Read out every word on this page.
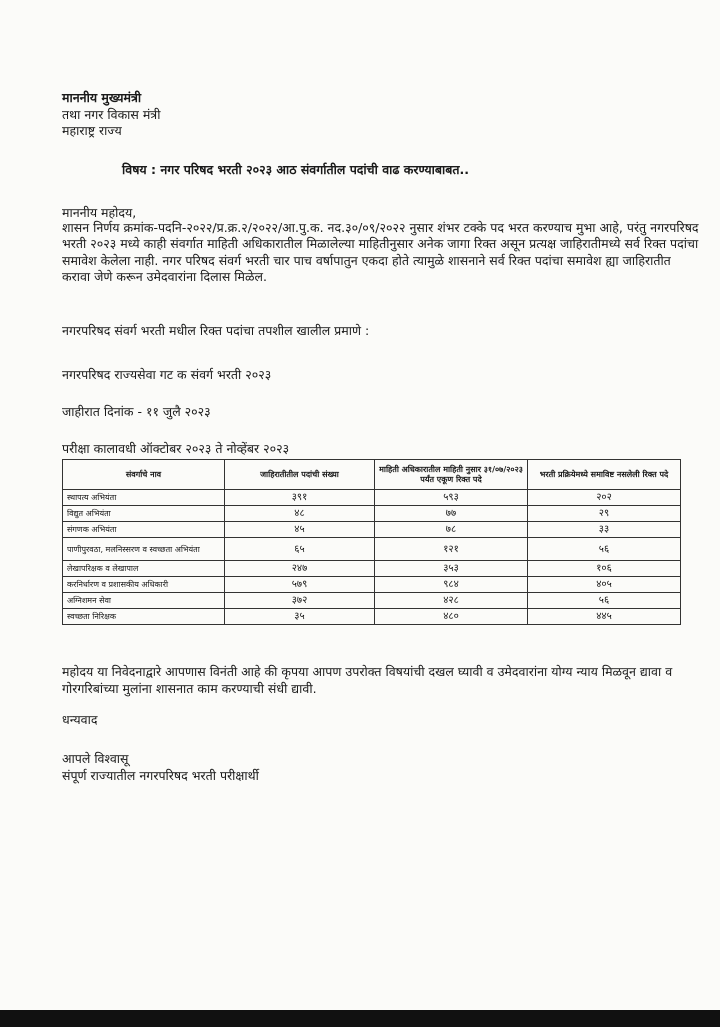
माननीय मुख्यमंत्री
तथा नगर विकास मंत्री
महाराष्ट्र राज्य
विषय : नगर परिषद भरती २०२३ आठ संवर्गातील पदांची वाढ करण्याबाबत..
माननीय महोदय,
शासन निर्णय क्रमांक-पदनि-२०२२/प्र.क्र.२/२०२२/आ.पु.क. नद.३०/०९/२०२२ नुसार शंभर टक्के पद भरत करण्याच मुभा आहे, परंतु नगरपरिषद भरती २०२३ मध्ये काही संवर्गात माहिती अधिकारातील मिळालेल्या माहितीनुसार अनेक जागा रिक्त असून प्रत्यक्ष जाहिरातीमध्ये सर्व रिक्त पदांचा समावेश केलेला नाही. नगर परिषद संवर्ग भरती चार पाच वर्षापातुन एकदा होते त्यामुळे शासनाने सर्व रिक्त पदांचा समावेश ह्या जाहिरातीत करावा जेणे करून उमेदवारांना दिलास मिळेल.
नगरपरिषद संवर्ग भरती मधील रिक्त पदांचा तपशील खालील प्रमाणे :
नगरपरिषद राज्यसेवा गट क संवर्ग भरती २०२३
जाहीरात दिनांक - ११ जुलै २०२३
परीक्षा कालावधी ऑक्टोबर २०२३ ते नोव्हेंबर २०२३
संवर्गाचे नाव	जाहिरातीतील पदांची संख्या	माहिती अधिकारातील माहिती नुसार ३१/०७/२०२३ पर्यंत एकूण रिक्त पदे	भरती प्रक्रियेमध्ये समाविष्ट नसलेली रिक्त पदे
स्थापत्य अभियंता	३९१	५९३	२०२
विद्युत अभियंता	४८	७७	२९
संगणक अभियंता	४५	७८	३३
पाणीपुरवठा, मलनिस्सरण व स्वच्छता अभियंता	६५	१२१	५६
लेखापरिक्षक व लेखापाल	२४७	३५३	१०६
करनिर्धारण व प्रशासकीय अधिकारी	५७९	९८४	४०५
अग्निशमन सेवा	३७२	४२८	५६
स्वच्छता निरिक्षक	३५	४८०	४४५
महोदय या निवेदनाद्वारे आपणास विनंती आहे की कृपया आपण उपरोक्त विषयांची दखल घ्यावी व उमेदवारांना योग्य न्याय मिळवून द्यावा व गोरगरिबांच्या मुलांना शासनात काम करण्याची संधी द्यावी.
धन्यवाद
आपले विश्वासू
संपूर्ण राज्यातील नगरपरिषद भरती परीक्षार्थी
